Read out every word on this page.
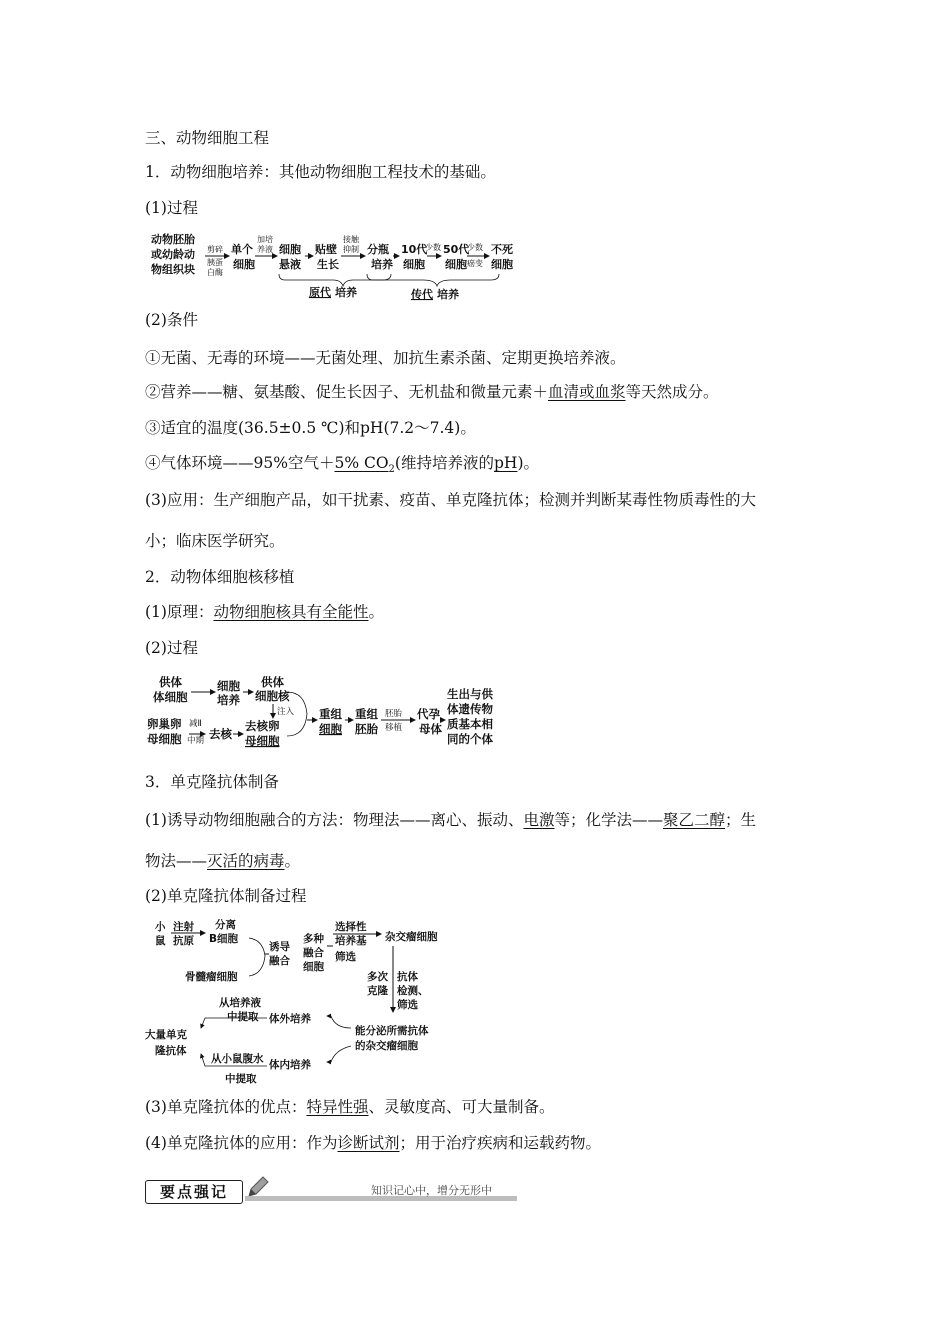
三、动物细胞工程
1．动物细胞培养：其他动物细胞工程技术的基础。
(1)过程
动物胚胎
或幼龄动
物组织块
剪碎
胰蛋
白酶
单个
细胞
加培
养液 细胞
悬液
贴壁
生长
接触
抑制 分瓶
培养
10代
细胞
少数 50代
细胞
少数
癌变
不死
细胞
原代 培养	传代 培养
(2)条件
①无菌、无毒的环境——无菌处理、加抗生素杀菌、定期更换培养液。
②营养——糖、氨基酸、促生长因子、无机盐和微量元素＋血清或血浆等天然成分。
③适宜的温度(36.5±0.5 ℃)和pH(7.2～7.4)。
④气体环境——95%空气＋5% $CO_2$(维持培养液的pH)。
(3)应用：生产细胞产品，如干扰素、疫苗、单克隆抗体；检测并判断某毒性物质毒性的大
小；临床医学研究。
2．动物体细胞核移植
(1)原理：动物细胞核具有全能性。
(2)过程
供体
体细胞
细胞
培养
供体
细胞核
卵巢卵
母细胞 去核
去核卵
母细胞
重组
细胞
重组
胚胎
代孕
母体
生出与供
体遗传物
质基本相
同的个体
注入
减Ⅱ
中期
胚胎
移植
3．单克隆抗体制备
(1)诱导动物细胞融合的方法：物理法——离心、振动、电激等；化学法——聚乙二醇；生
物法——灭活的病毒。
(2)单克隆抗体制备过程
小
鼠
注射
抗原
分离
B细胞
骨髓瘤细胞
诱导
融合
多种
融合
细胞
选择性
培养基
筛选
杂交瘤细胞
多次
克隆
抗体
检测、
筛选
能分泌所需抗体
的杂交瘤细胞
体外培养
体内培养
从培养液
中提取
从小鼠腹水
中提取
大量单克
隆抗体
(3)单克隆抗体的优点：特异性强、灵敏度高、可大量制备。
(4)单克隆抗体的应用：作为诊断试剂；用于治疗疾病和运载药物。
要点强记	知识记心中，增分无形中
